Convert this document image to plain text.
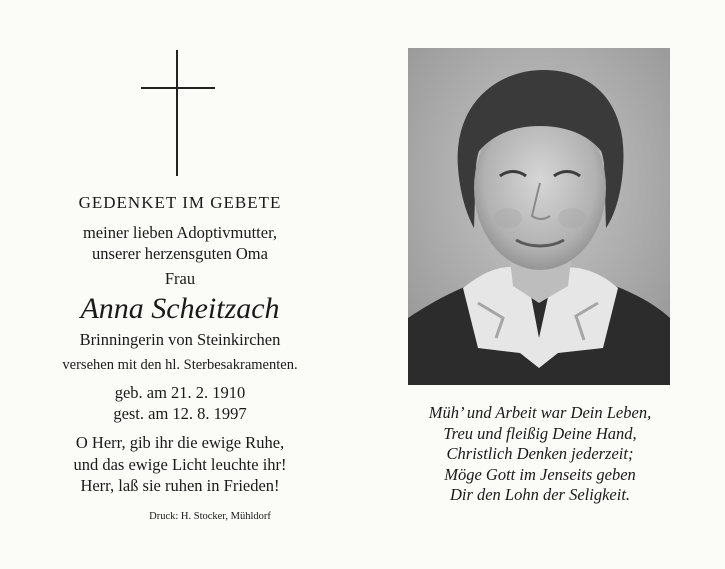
GEDENKET IM GEBETE
meiner lieben Adoptivmutter,
unserer herzensguten Oma
Frau
Anna Scheitzach
Brinningerin von Steinkirchen
versehen mit den hl. Sterbesakramenten.
geb. am 21. 2. 1910
gest. am 12. 8. 1997
O Herr, gib ihr die ewige Ruhe,
und das ewige Licht leuchte ihr!
Herr, laß sie ruhen in Frieden!
Druck: H. Stocker, Mühldorf
Müh’ und Arbeit war Dein Leben,
Treu und fleißig Deine Hand,
Christlich Denken jederzeit;
Möge Gott im Jenseits geben
Dir den Lohn der Seligkeit.
